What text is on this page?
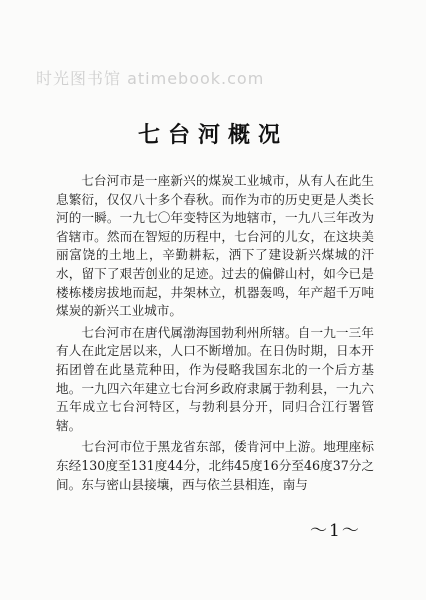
时光图书馆 atimebook.com
七台河概况

七台河市是一座新兴的煤炭工业城市，从有人在此生息繁衍，仅仅八十多个春秋。而作为市的历史更是人类长河的一瞬。一九七〇年变特区为地辖市，一九八三年改为省辖市。然而在智短的历程中，七台河的儿女，在这块美丽富饶的土地上，辛勤耕耘，洒下了建设新兴煤城的汗水，留下了艰苦创业的足迹。过去的偏僻山村，如今已是楼栋楼房拔地而起，井架林立，机器轰鸣，年产超千万吨煤炭的新兴工业城市。

七台河市在唐代属渤海国勃利州所辖。自一九一三年有人在此定居以来，人口不断增加。在日伪时期，日本开拓团曾在此垦荒种田，作为侵略我国东北的一个后方基地。一九四六年建立七台河乡政府隶属于勃利县，一九六五年成立七台河特区，与勃利县分开，同归合江行署管辖。

七台河市位于黑龙省东部，倭肯河中上游。地理座标东经130度至131度44分，北纬45度16分至46度37分之间。东与密山县接壤，西与依兰县相连，南与

～1～
